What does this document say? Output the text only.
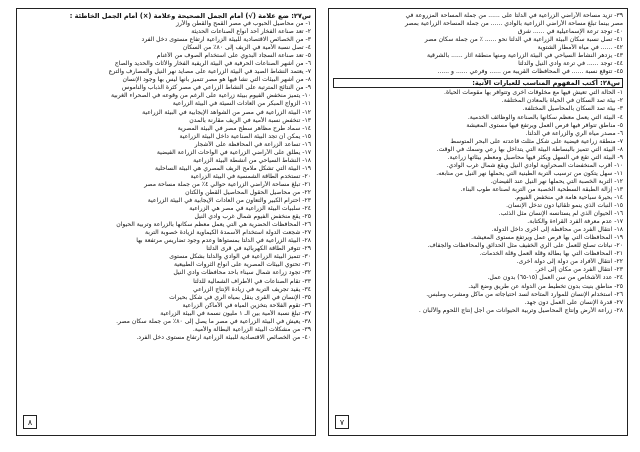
س٢٧: ضع علامة (√) أمام الجمل الصحيحة وعلامة (×) أمام الجمل الخاطئة :
١- من محاصيل الحبوب في مصر القمح والقطن والأرز
٢- تعد صناعة الفخار أحد أنواع الصناعات الحديثة
٣- من الخصائص الاقتصادية للبيئة الزراعية ارتفاع مستوى دخل الفرد
٤- تصل نسبة الأمية في الريف إلى ٨٠٪ من السكان
٥- تعد صناعة السجاد البدوي على استخدام الصوف من الأغنام
٦- من أشهر الصناعات الحرفية في البيئة الريفية الفخار والأثاث والحديد والصاج
٧- يعتمد النشاط الصيد في البيئة الزراعية على مصايد نهر النيل والمصارف والترع
٨- من أشهر البيئات التي نشأ فيها هو مصر تتميز بأنها ليس بها وجود الإنسان
٩- من النتائج المترتبة على النشاط الزراعي في مصر كثرة الذباب والناموس
١٠- يتميز منخفض الفيوم ببيئة زراعية على الرغم من وقوعه في الصحراء الغربية
١١- الزواج المبكر من العادات السيئة في البيئة الزراعية
١٢- البيئة الزراعية في مصر من الشواهد الإيجابية في البيئة الزراعية
١٣- تنخفض نسبة الأمية في الريف مقارنة بالمدن
١٤- سماد طرح مظاهر سطح مصر في البيئة المصرية
١٥- يمكن أن تجد البيئة الصناعية داخل البيئة الزراعية
١٦- تساعد الزراعة في المحافظة على الأشجار
١٧- يطلق على الأراضي الزراعية في الواحات الزراعة الفيضية
١٨- النشاط السياحي من أنشطة البيئة الزراعية
١٩- البيئة التي تشكل ملامح الريف المصري هي البيئة الساحلية
٢٠- تستخدم الطاقة الشمسية في البيئة الزراعية
٢١- تبلغ مساحة الأراضي الزراعية حوالي ٤٪ من جملة مساحة مصر
٢٢- من محاصيل الحقول المحاصيل القطن والكتان
٢٣- احترام الكبير والتعاون من العادات الإيجابية في البيئة الزراعية
٢٤- سلبيات البيئة الزراعية في مصر هي الزراعية
٢٥- يقع منخفض الفيوم شمال غرب وادي النيل
٢٦- المحافظات الحضرية هي التي يعمل معظم سكانها بالزراعة وتربية الحيوان
٢٧- شجعت الدولة استخدام الأسمدة الكيماوية لزيادة خصوبة التربة
٢٨- البيئة الزراعية في الدلتا بمستواها وعدم وجود تضاريس مرتفعة بها
٢٩- تتوفر الطاقة الكهربائية في قرى الدلتا
٣٠- تتميز البيئة الزراعية في الوادي والدلتا بشكل مستوى
٣١- تحتوي البيئات المصرية على أنواع الثروات الطبيعية
٣٢- تجود زراعة شمال سيناء بأحد محافظات وادي النيل
٣٣- تقام الصناعات في الأطراف الشمالية للدلتا
٣٤- يفيد تجريف التربة في زيادة الإنتاج الزراعي
٣٥- الإنسان في القرى ينقل بمياه الري في شكل بحيرات
٣٦- تقوم الفلاحة بتخزين المياه في الأماكن الزراعية
٣٧- تبلغ نسبة الأمية بين الـ ١ مليون نسمة في البيئة الزراعية
٣٨- يعيش في البيئة الزراعية في مصر ما يصل إلى ٨٠٪ من جملة سكان مصر.
٣٩- من مشكلات البيئة الزراعية البطالة والأمية.
٤٠- من الخصائص الاقتصادية للبيئة الزراعية ارتفاع مستوى دخل الفرد.
٨
٣٩- تزيد مساحة الأراضي الزراعية في الدلتا على ...... من جملة المساحة المزروعة في
مصر بينما تبلغ مساحة الأراضي الزراعية بالوادي ...... من جملة المساحة الزراعية بمصر
٤٠- توجد ترعة الإسماعيلية في ...... شرق
٤١- تصل نسبة سكان البيئة الزراعية في الدلتا نحو ...... ٪ من جملة سكان مصر
٤٢- ...... في مياه الأمطار الشتوية
٤٣- يزدهر النشاط السياحي في البيئة الزراعية ومنها منطقة آثار ...... بالشرقية
٤٤- توجد ...... في ترعة وادي النيل والدلتا
٤٥- تتوقع نسبة ...... في المحافظات القريبة من ...... وفرعي ...... و ......
س٢٨: أكتب المفهوم المناسب للعبارات الآتية:
١- الحالة التي تعيش فيها مع مخلوقات أخرى وتتوافر بها مقومات الحياة.
٢- بيئة تمد السكان في الحياة بالمعادن المختلفة.
٣- بيئة تمد السكان بالمحاصيل المختلفة.
٤- البيئة التي يعمل معظم سكانها بالصناعة والوظائف الخدمية.
٥- مناطق تتوافر فيها فرص العمل ويرتفع فيها مستوى المعيشة
٦- مصدر مياه الري والزراعة في الدلتا.
٧- منطقة زراعية فيضية على شكل مثلث قاعدته على البحر المتوسط
٨- البيئة التي تتميز بالبساطة البيئة التي يتداخل بها رعي وسمك في الوقت.
٩- البيئة التي تقع في السهل ويكثر فيها محاصيل ومعظم بيئاتها زراعية.
١٠- أقرب المنخفضات الصحراوية لوادي النيل ويقع شمال غرب الوادي.
١١- سهل يتكون من ترسيب التربة الطينية التي يحملها نهر النيل من منابعه.
١٢- التربة الخصبة التي يحملها نهر النيل عند الفيضان.
١٣- إزالة الطبقة السطحية الخصبة من التربة لصناعة طوب البناء.
١٤- بحيرة سياحية هامة في منخفض الفيوم.
١٥- النبات الذي ينمو تلقائياً دون تدخل الإنسان.
١٦- الحيوان الذي لم يستأنسه الإنسان مثل الذئب.
١٧- عدم معرفة الفرد القراءة والكتابة.
١٨- انتقال الفرد من محافظة إلى أخرى داخل الدولة.
١٩- المحافظات التي بها فرص عمل ويرتفع مستوى المعيشة.
٢٠- نباتات تصلح للعمل على الري الخفيف مثل الحدائق والمحافظات والجفاف.
٢١- المحافظات التي بها بطالة وقلة العمل وقلة الخدمات.
٢٢- انتقال الأفراد من دولة إلى دولة أخرى.
٢٣- انتقال الفرد من مكان إلى آخر.
٢٤- عدد الأشخاص من سن العمل (١٥-٦٥) بدون عمل.
٢٥- مناطق بنيت بدون تخطيط من الدولة عن طريق وضع اليد.
٢٦- استخدام الإنسان للموارد المتاحة لسد احتياجاته من مأكل ومشرب وملبس.
٢٧- قدرة الإنسان على العمل دون جهد.
٢٨- زراعة الأرض وإنتاج المحاصيل وتربية الحيوانات من أجل إنتاج اللحوم والألبان .
٧
